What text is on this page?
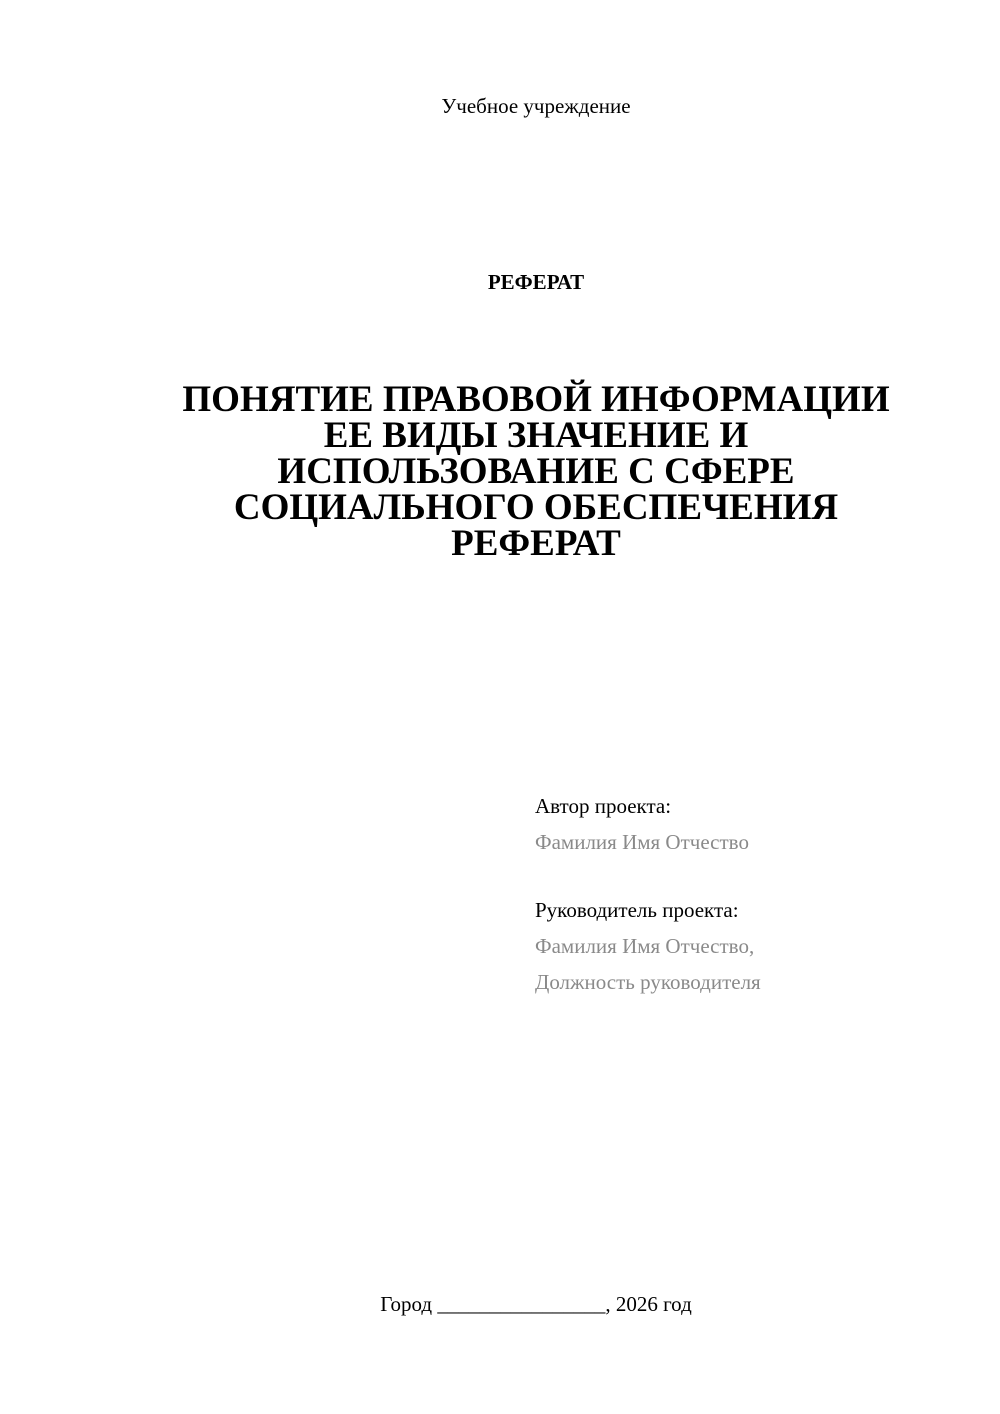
Учебное учреждение
РЕФЕРАТ
ПОНЯТИЕ ПРАВОВОЙ ИНФОРМАЦИИ
ЕЕ ВИДЫ ЗНАЧЕНИЕ И
ИСПОЛЬЗОВАНИЕ С СФЕРЕ
СОЦИАЛЬНОГО ОБЕСПЕЧЕНИЯ
РЕФЕРАТ
Автор проекта:
Фамилия Имя Отчество
Руководитель проекта:
Фамилия Имя Отчество,
Должность руководителя
Город ________________, 2026 год
